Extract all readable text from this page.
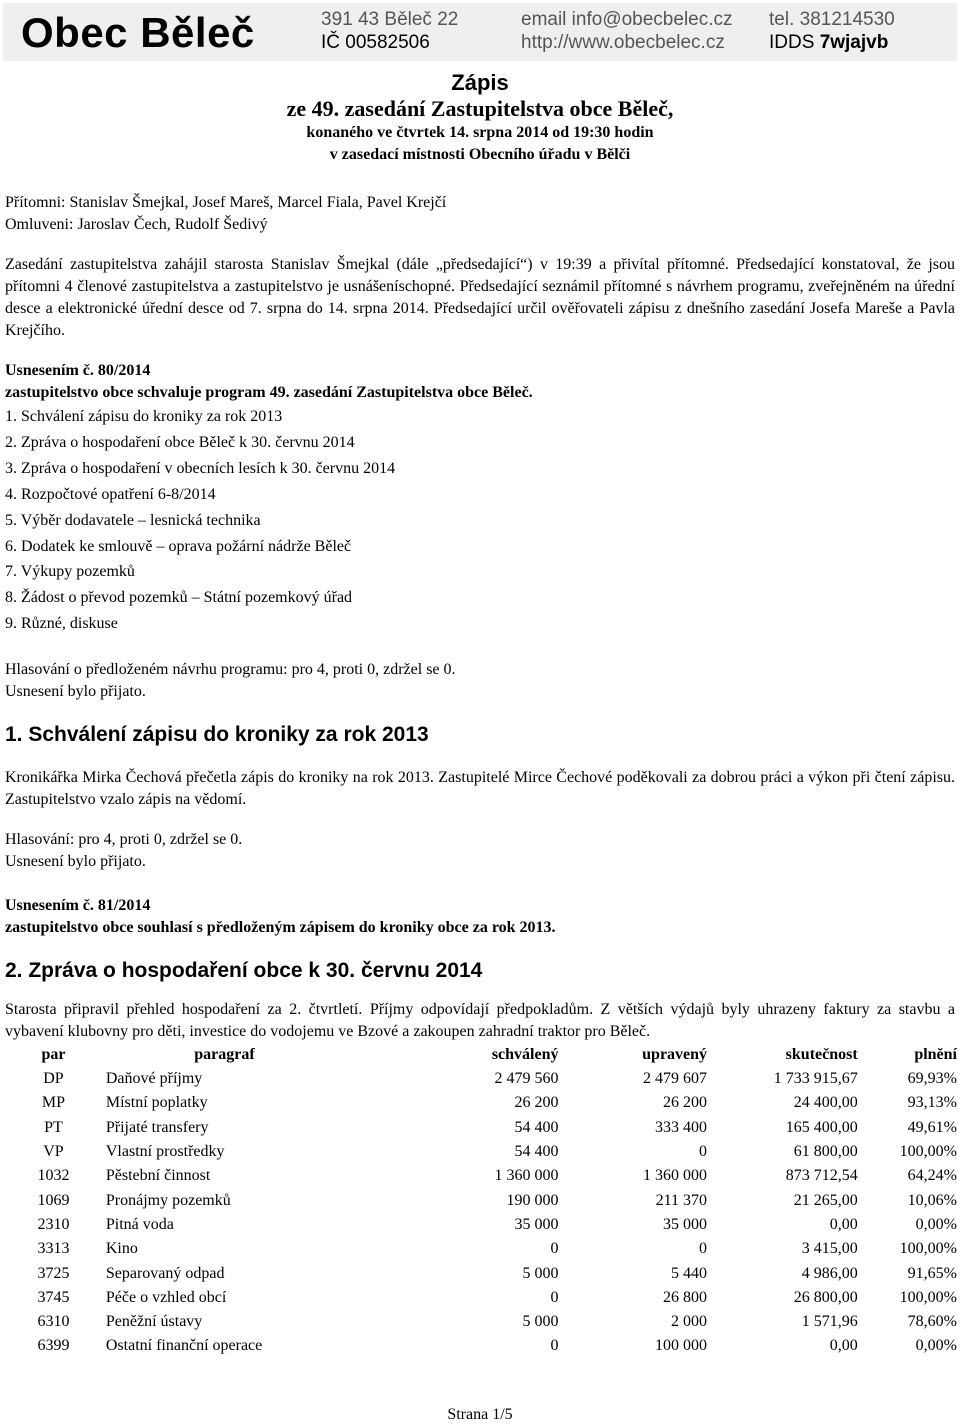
Obec Běleč	391 43 Běleč 22
IČ 00582506
email info@obecbelec.cz
http://www.obecbelec.cz
tel. 381214530
IDDS 7wjajvb
Zápis
ze 49. zasedání Zastupitelstva obce Běleč,
konaného ve čtvrtek 14. srpna 2014 od 19:30 hodin
v zasedací místnosti Obecního úřadu v Bělči

Přítomni: Stanislav Šmejkal, Josef Mareš, Marcel Fiala, Pavel Krejčí

Omluveni: Jaroslav Čech, Rudolf Šedivý

Zasedání zastupitelstva zahájil starosta Stanislav Šmejkal (dále „předsedající“) v 19:39 a přivítal přítomné. Předsedající konstatoval, že jsou přítomni 4 členové zastupitelstva a zastupitelstvo je usnášeníschopné. Předsedající seznámil přítomné s návrhem programu, zveřejněném na úřední desce a elektronické úřední desce od 7. srpna do 14. srpna 2014. Předsedající určil ověřovateli zápisu z dnešního zasedání Josefa Mareše a Pavla Krejčího.

Usnesením č. 80/2014

zastupitelstvo obce schvaluje program 49. zasedání Zastupitelstva obce Běleč.

1. Schválení zápisu do kroniky za rok 2013
2. Zpráva o hospodaření obce Běleč k 30. červnu 2014
3. Zpráva o hospodaření v obecních lesích k 30. červnu 2014
4. Rozpočtové opatření 6-8/2014
5. Výběr dodavatele – lesnická technika
6. Dodatek ke smlouvě – oprava požární nádrže Běleč
7. Výkupy pozemků
8. Žádost o převod pozemků – Státní pozemkový úřad
9. Různé, diskuse

Hlasování o předloženém návrhu programu: pro 4, proti 0, zdržel se 0.

Usnesení bylo přijato.

1. Schválení zápisu do kroniky za rok 2013

Kronikářka Mirka Čechová přečetla zápis do kroniky na rok 2013. Zastupitelé Mirce Čechové poděkovali za dobrou práci a výkon při čtení zápisu. Zastupitelstvo vzalo zápis na vědomí.

Hlasování: pro 4, proti 0, zdržel se 0.

Usnesení bylo přijato.

Usnesením č. 81/2014

zastupitelstvo obce souhlasí s předloženým zápisem do kroniky obce za rok 2013.

2. Zpráva o hospodaření obce k 30. červnu 2014

Starosta připravil přehled hospodaření za 2. čtvrtletí. Příjmy odpovídají předpokladům. Z větších výdajů byly uhrazeny faktury za stavbu a vybavení klubovny pro děti, investice do vodojemu ve Bzové a zakoupen zahradní traktor pro Běleč.

par	paragraf	schválený	upravený	skutečnost	plnění
DP	Daňové příjmy	2 479 560	2 479 607	1 733 915,67	69,93%
MP	Místní poplatky	26 200	26 200	24 400,00	93,13%
PT	Přijaté transfery	54 400	333 400	165 400,00	49,61%
VP	Vlastní prostředky	54 400	0	61 800,00	100,00%
1032	Pěstební činnost	1 360 000	1 360 000	873 712,54	64,24%
1069	Pronájmy pozemků	190 000	211 370	21 265,00	10,06%
2310	Pitná voda	35 000	35 000	0,00	0,00%
3313	Kino	0	0	3 415,00	100,00%
3725	Separovaný odpad	5 000	5 440	4 986,00	91,65%
3745	Péče o vzhled obcí	0	26 800	26 800,00	100,00%
6310	Peněžní ústavy	5 000	2 000	1 571,96	78,60%
6399	Ostatní finanční operace	0	100 000	0,00	0,00%
Strana 1/5
